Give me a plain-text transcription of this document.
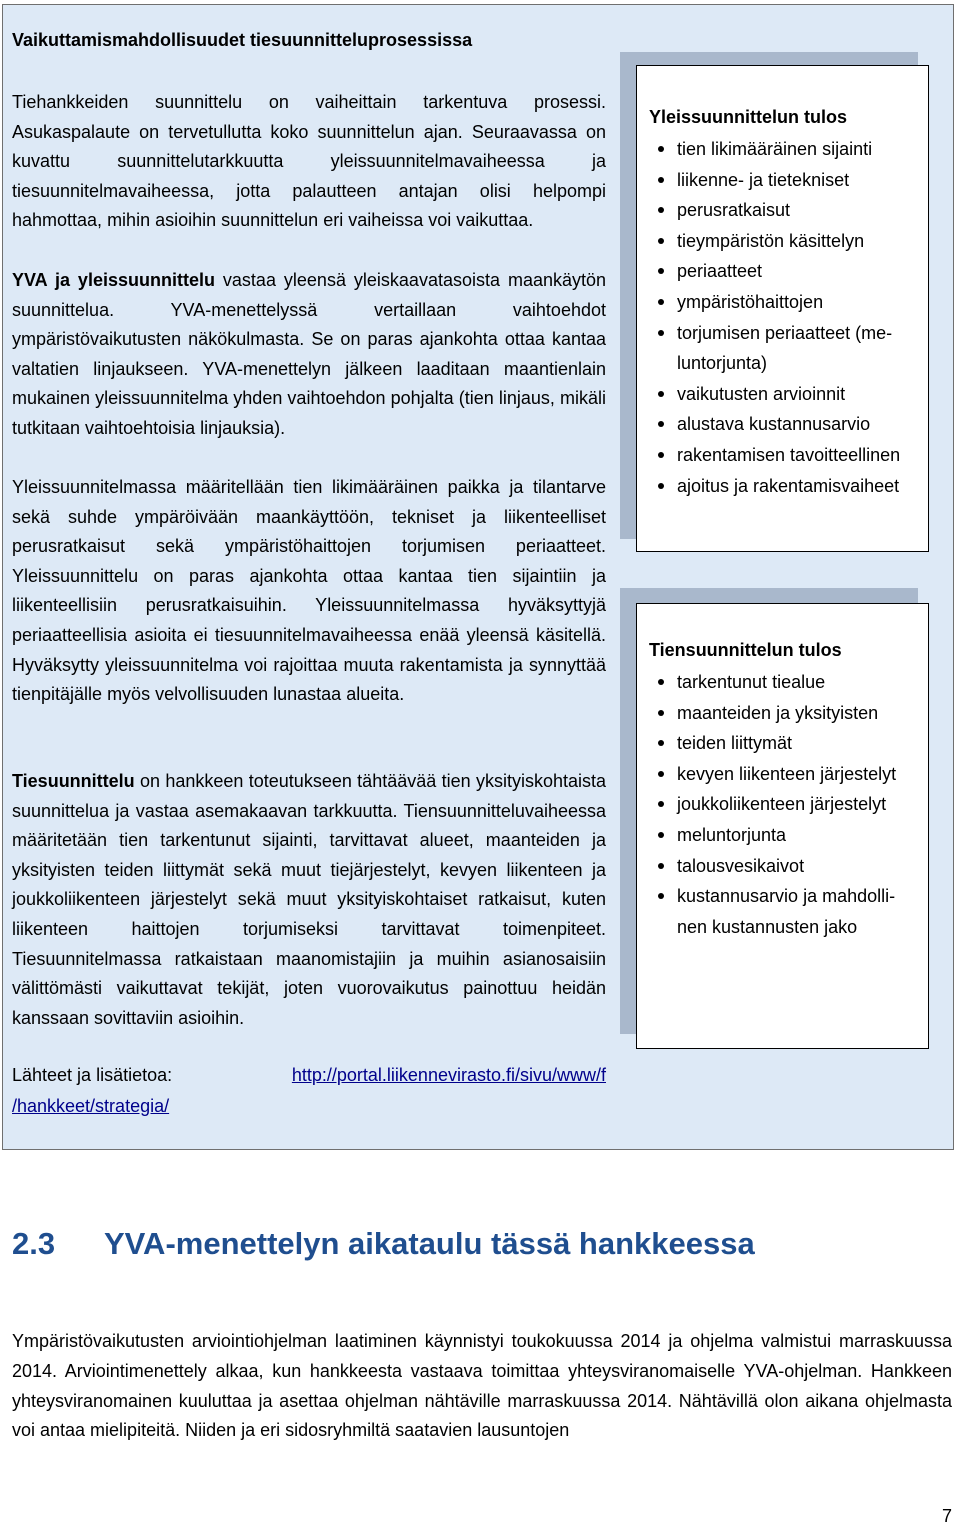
Vaikuttamismahdollisuudet tiesuunnitteluprosessissa

Tiehankkeiden suunnittelu on vaiheittain tarkentuva prosessi. Asukaspalaute on tervetullutta koko suunnittelun ajan. Seuraavassa on kuvattu suunnittelutarkkuutta yleissuunnitelmavaiheessa ja tiesuunnitelmavaiheessa, jotta palautteen antajan olisi helpompi hahmottaa, mihin asioihin suunnittelun eri vaiheissa voi vaikuttaa.

YVA ja yleissuunnittelu vastaa yleensä yleiskaavatasoista maankäytön suunnittelua. YVA-menettelyssä vertaillaan vaihtoehdot ympäristövaikutusten näkökulmasta. Se on paras ajankohta ottaa kantaa valtatien linjaukseen. YVA-menettelyn jälkeen laaditaan maantienlain mukainen yleissuunnitelma yhden vaihtoehdon pohjalta (tien linjaus, mikäli tutkitaan vaihtoehtoisia linjauksia).

Yleissuunnitelmassa määritellään tien likimääräinen paikka ja tilantarve sekä suhde ympäröivään maankäyttöön, tekniset ja liikenteelliset perusratkaisut sekä ympäristöhaittojen torjumisen periaatteet. Yleissuunnittelu on paras ajankohta ottaa kantaa tien sijaintiin ja liikenteellisiin perusratkaisuihin. Yleissuunnitelmassa hyväksyttyjä periaatteellisia asioita ei tiesuunnitelmavaiheessa enää yleensä käsitellä. Hyväksytty yleissuunnitelma voi rajoittaa muuta rakentamista ja synnyttää tienpitäjälle myös velvollisuuden lunastaa alueita.

Tiesuunnittelu on hankkeen toteutukseen tähtäävää tien yksityiskohtaista suunnittelua ja vastaa asemakaavan tarkkuutta. Tiensuunnitteluvaiheessa määritetään tien tarkentunut sijainti, tarvittavat alueet, maanteiden ja yksityisten teiden liittymät sekä muut tiejärjestelyt, kevyen liikenteen ja joukkoliikenteen järjestelyt sekä muut yksityiskohtaiset ratkaisut, kuten liikenteen haittojen torjumiseksi tarvittavat toimenpiteet. Tiesuunnitelmassa ratkaistaan maanomistajiin ja muihin asianosaisiin välittömästi vaikuttavat tekijät, joten vuorovaikutus painottuu heidän kanssaan sovittaviin asioihin.

Lähteet ja lisätietoa:	http://portal.liikennevirasto.fi/sivu/www/f
/hankkeet/strategia/
Yleissuunnittelun tulos
tien likimääräinen sijainti
liikenne- ja tietekniset
perusratkaisut
tieympäristön käsittelyn
periaatteet
ympäristöhaittojen
torjumisen periaatteet (me-
luntorjunta)
vaikutusten arvioinnit
alustava kustannusarvio
rakentamisen tavoitteellinen
ajoitus ja rakentamisvaiheet
Tiensuunnittelun tulos
tarkentunut tiealue
maanteiden ja yksityisten
teiden liittymät
kevyen liikenteen järjestelyt
joukkoliikenteen järjestelyt
meluntorjunta
talousvesikaivot
kustannusarvio ja mahdolli-
nen kustannusten jako
2.3 YVA-menettelyn aikataulu tässä hankkeessa
Ympäristövaikutusten arviointiohjelman laatiminen käynnistyi toukokuussa 2014 ja ohjelma valmistui marraskuussa 2014. Arviointimenettely alkaa, kun hankkeesta vastaava toimittaa yhteysviranomaiselle YVA-ohjelman. Hankkeen yhteysviranomainen kuuluttaa ja asettaa ohjelman nähtäville marraskuussa 2014. Nähtävillä olon aikana ohjelmasta voi antaa mielipiteitä. Niiden ja eri sidosryhmiltä saatavien lausuntojen
7
